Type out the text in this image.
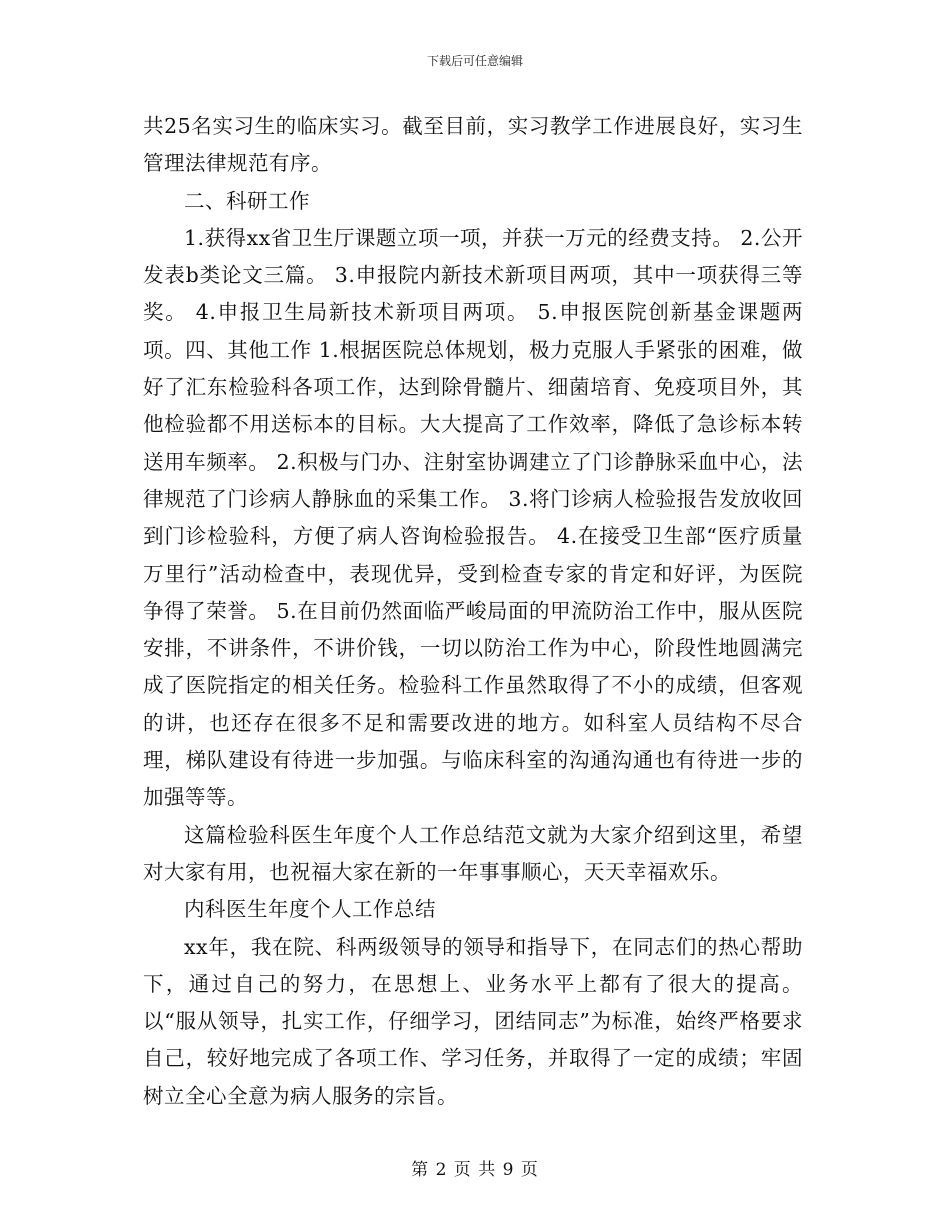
下载后可任意编辑

共25名实习生的临床实习。截至目前，实习教学工作进展良好，实习生管理法律规范有序。

二、科研工作

1.获得xx省卫生厅课题立项一项，并获一万元的经费支持。 2.公开发表b类论文三篇。 3.申报院内新技术新项目两项，其中一项获得三等奖。 4.申报卫生局新技术新项目两项。 5.申报医院创新基金课题两项。四、其他工作 1.根据医院总体规划，极力克服人手紧张的困难，做好了汇东检验科各项工作，达到除骨髓片、细菌培育、免疫项目外，其他检验都不用送标本的目标。大大提高了工作效率，降低了急诊标本转送用车频率。 2.积极与门办、注射室协调建立了门诊静脉采血中心，法律规范了门诊病人静脉血的采集工作。 3.将门诊病人检验报告发放收回到门诊检验科，方便了病人咨询检验报告。 4.在接受卫生部“医疗质量万里行”活动检查中，表现优异，受到检查专家的肯定和好评，为医院争得了荣誉。 5.在目前仍然面临严峻局面的甲流防治工作中，服从医院安排，不讲条件，不讲价钱，一切以防治工作为中心，阶段性地圆满完成了医院指定的相关任务。检验科工作虽然取得了不小的成绩，但客观的讲，也还存在很多不足和需要改进的地方。如科室人员结构不尽合理，梯队建设有待进一步加强。与临床科室的沟通沟通也有待进一步的加强等等。

这篇检验科医生年度个人工作总结范文就为大家介绍到这里，希望对大家有用，也祝福大家在新的一年事事顺心，天天幸福欢乐。

内科医生年度个人工作总结

xx年，我在院、科两级领导的领导和指导下，在同志们的热心帮助下，通过自己的努力，在思想上、业务水平上都有了很大的提高。以“服从领导，扎实工作，仔细学习，团结同志”为标准，始终严格要求自己，较好地完成了各项工作、学习任务，并取得了一定的成绩；牢固树立全心全意为病人服务的宗旨。

第 2 页 共 9 页
